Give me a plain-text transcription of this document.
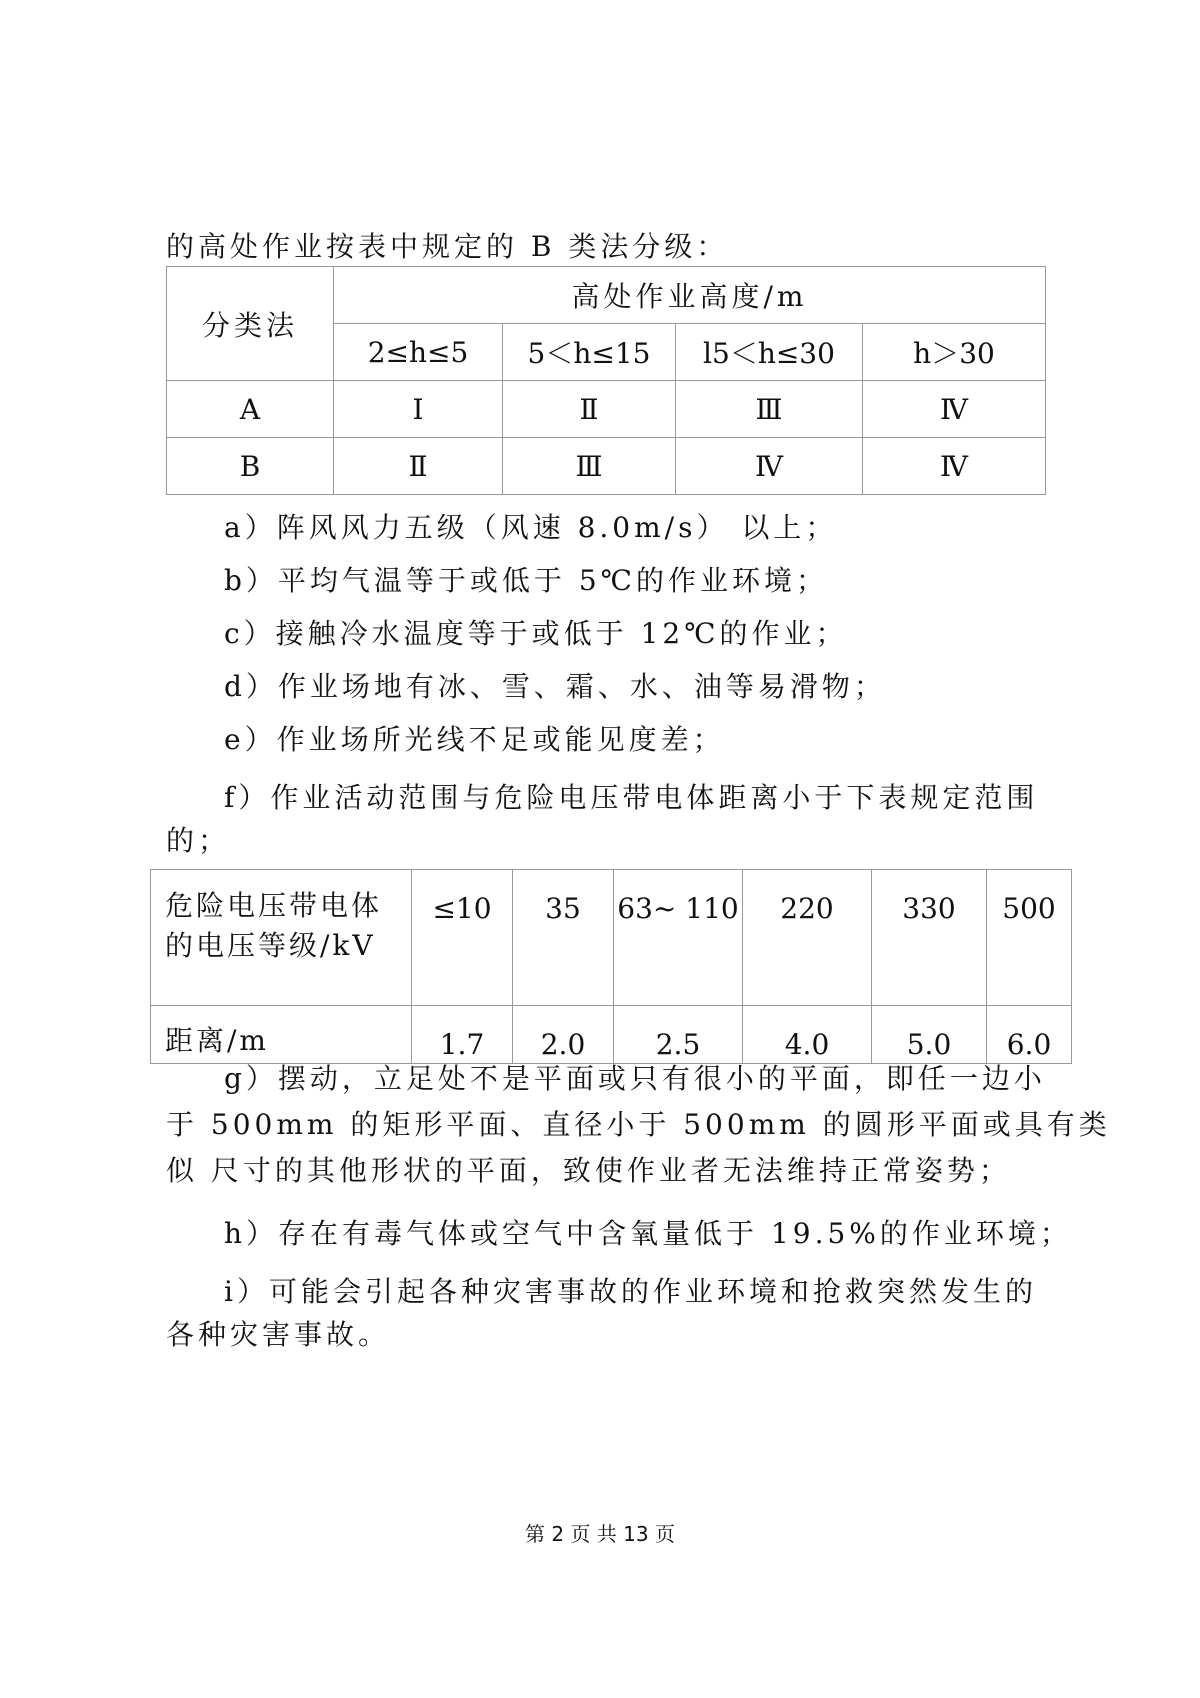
的高处作业按表中规定的 B 类法分级：
分类法	高处作业高度/m			
	2≤h≤5	5＜h≤15	l5＜h≤30	h＞30
A	Ⅰ	Ⅱ	Ⅲ	Ⅳ
B	Ⅱ	Ⅲ	Ⅳ	Ⅳ
a）阵风风力五级（风速 8.0m/s） 以上；
b）平均气温等于或低于 5℃的作业环境；
c）接触冷水温度等于或低于 12℃的作业；
d）作业场地有冰、雪、霜、水、油等易滑物；
e）作业场所光线不足或能见度差；
f）作业活动范围与危险电压带电体距离小于下表规定范围
的；
危险电压带电体
的电压等级/kV	≤10	35	63~ 110	220	330	500
距离/m	1.7	2.0	2.5	4.0	5.0	6.0
g）摆动，立足处不是平面或只有很小的平面，即任一边小
于 500mm 的矩形平面、直径小于 500mm 的圆形平面或具有类
似 尺寸的其他形状的平面，致使作业者无法维持正常姿势；
h）存在有毒气体或空气中含氧量低于 19.5%的作业环境；
i）可能会引起各种灾害事故的作业环境和抢救突然发生的
各种灾害事故。
第 2 页 共 13 页
